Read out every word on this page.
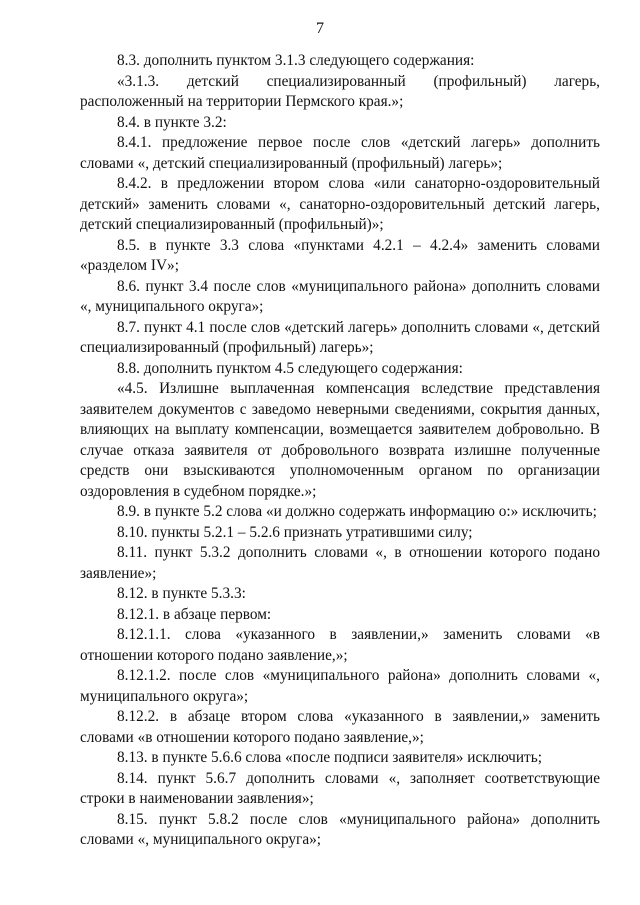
7

8.3. дополнить пунктом 3.1.3 следующего содержания:

«3.1.3. детский специализированный (профильный) лагерь, расположенный на территории Пермского края.»;

8.4. в пункте 3.2:

8.4.1. предложение первое после слов «детский лагерь» дополнить словами «, детский специализированный (профильный) лагерь»;

8.4.2. в предложении втором слова «или санаторно-оздоровительный детский» заменить словами «, санаторно-оздоровительный детский лагерь, детский специализированный (профильный)»;

8.5. в пункте 3.3 слова «пунктами 4.2.1 – 4.2.4» заменить словами «разделом IV»;

8.6. пункт 3.4 после слов «муниципального района» дополнить словами «, муниципального округа»;

8.7. пункт 4.1 после слов «детский лагерь» дополнить словами «, детский специализированный (профильный) лагерь»;

8.8. дополнить пунктом 4.5 следующего содержания:

«4.5. Излишне выплаченная компенсация вследствие представления заявителем документов с заведомо неверными сведениями, сокрытия данных, влияющих на выплату компенсации, возмещается заявителем добровольно. В случае отказа заявителя от добровольного возврата излишне полученные средств они взыскиваются уполномоченным органом по организации оздоровления в судебном порядке.»;

8.9. в пункте 5.2 слова «и должно содержать информацию о:» исключить;

8.10. пункты 5.2.1 – 5.2.6 признать утратившими силу;

8.11. пункт 5.3.2 дополнить словами «, в отношении которого подано заявление»;

8.12. в пункте 5.3.3:

8.12.1. в абзаце первом:

8.12.1.1. слова «указанного в заявлении,» заменить словами «в отношении которого подано заявление,»;

8.12.1.2. после слов «муниципального района» дополнить словами «, муниципального округа»;

8.12.2. в абзаце втором слова «указанного в заявлении,» заменить словами «в отношении которого подано заявление,»;

8.13. в пункте 5.6.6 слова «после подписи заявителя» исключить;

8.14. пункт 5.6.7 дополнить словами «, заполняет соответствующие строки в наименовании заявления»;

8.15. пункт 5.8.2 после слов «муниципального района» дополнить словами «, муниципального округа»;
